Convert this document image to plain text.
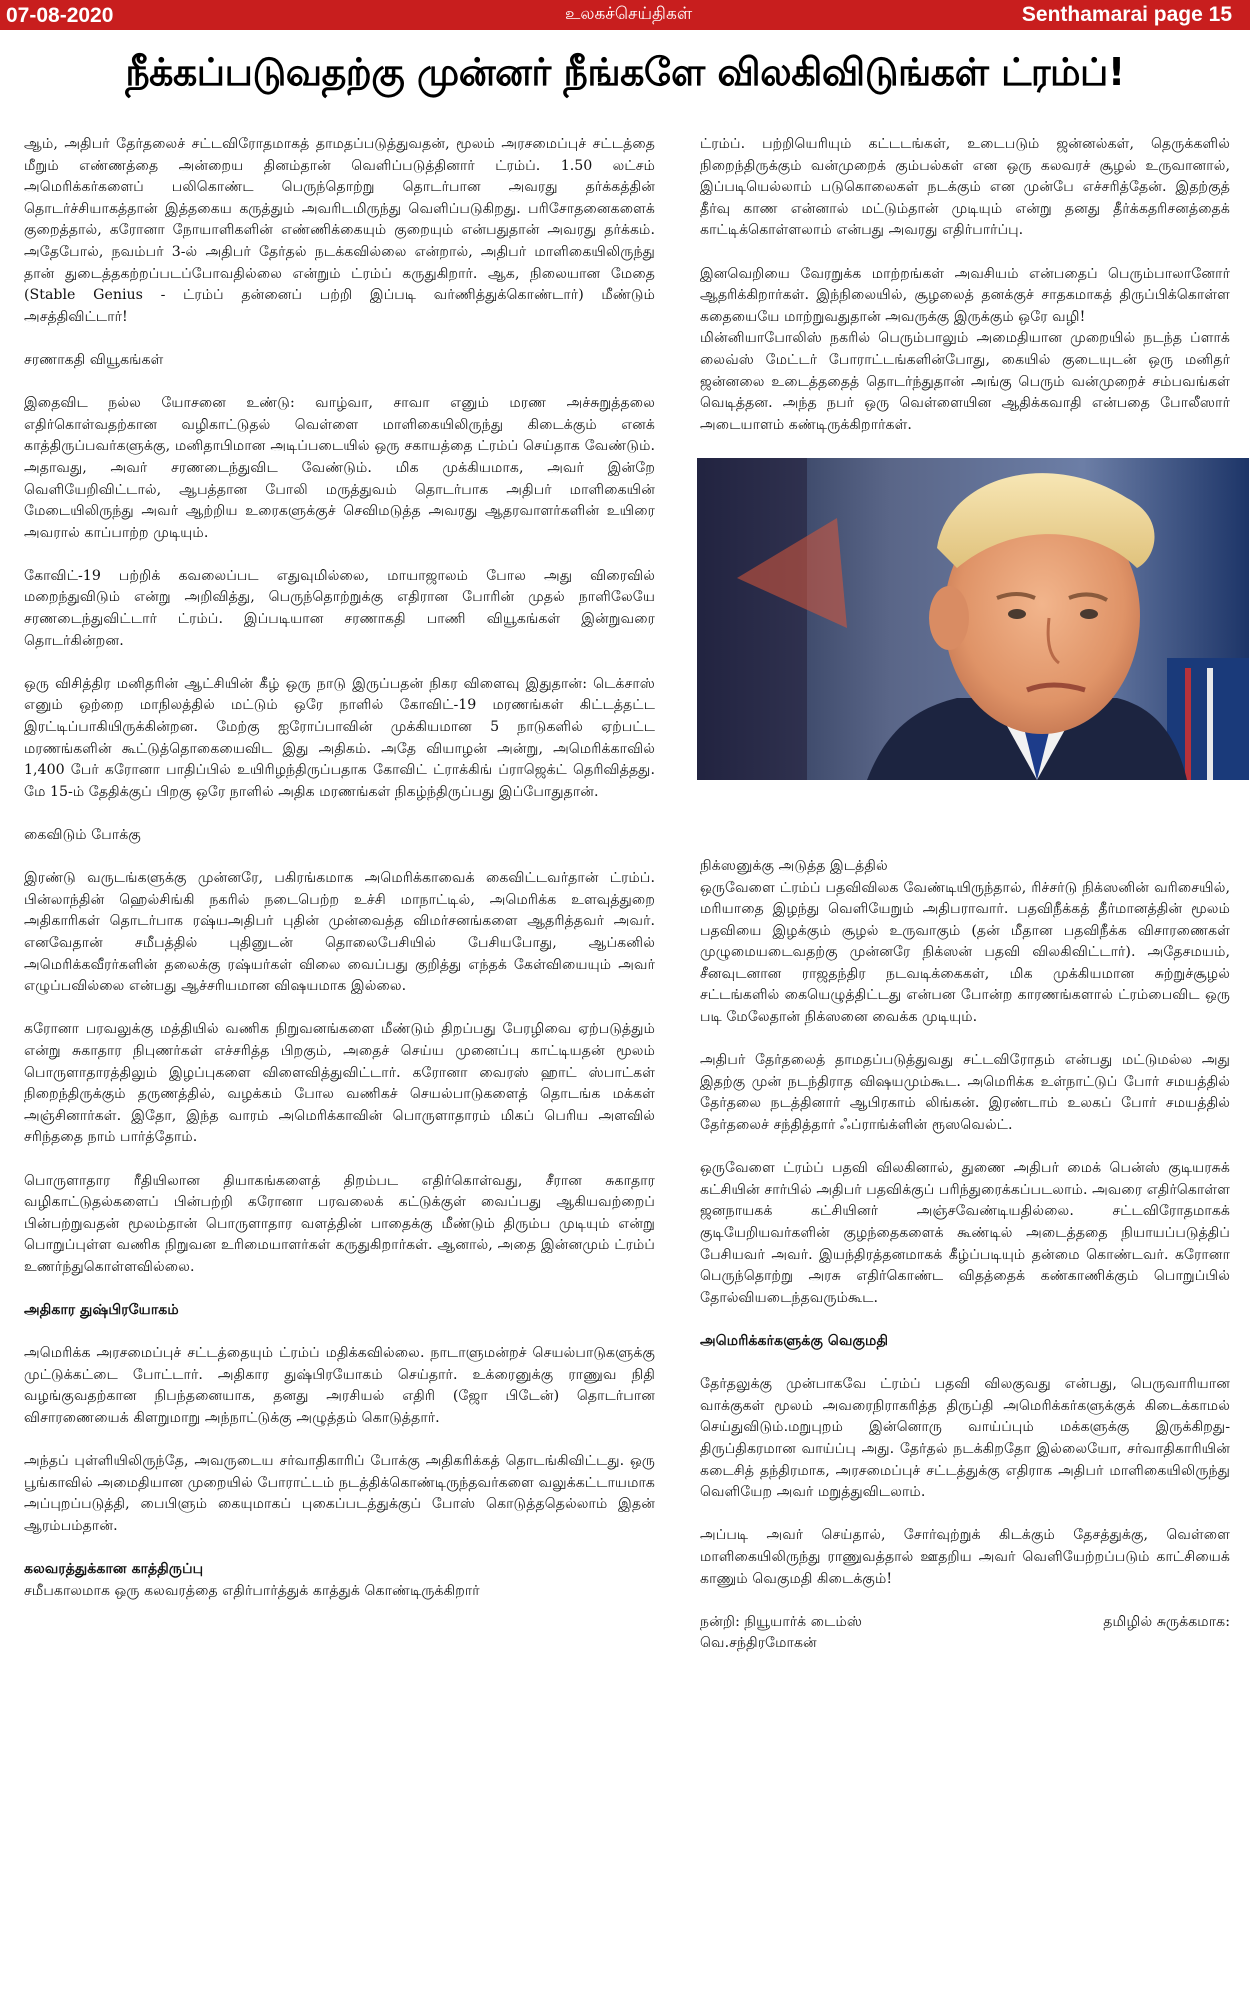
07-08-2020	உலகச்செய்திகள்	Senthamarai page 15
நீக்கப்படுவதற்கு முன்னர் நீங்களே விலகிவிடுங்கள் ட்ரம்ப்!

ஆம், அதிபர் தேர்தலைச் சட்டவிரோதமாகத் தாமதப்படுத்துவதன், மூலம் அரசமைப்புச் சட்டத்தை மீறும் எண்ணத்தை அன்றைய தினம்தான் வெளிப்படுத்தினார் ட்ரம்ப். 1.50 லட்சம் அமெரிக்கர்களைப் பலிகொண்ட பெருந்தொற்று தொடர்பான அவரது தர்க்கத்தின் தொடர்ச்சியாகத்தான் இத்தகைய கருத்தும் அவரிடமிருந்து வெளிப்படுகிறது. பரிசோதனைகளைக் குறைத்தால், கரோனா நோயாளிகளின் எண்ணிக்கையும் குறையும் என்பதுதான் அவரது தர்க்கம். அதேபோல், நவம்பர் 3-ல் அதிபர் தேர்தல் நடக்கவில்லை என்றால், அதிபர் மாளிகையிலிருந்து தான் துடைத்தகற்றப்படப்போவதில்லை என்றும் ட்ரம்ப் கருதுகிறார். ஆக, நிலையான மேதை (Stable Genius - ட்ரம்ப் தன்னைப் பற்றி இப்படி வர்ணித்துக்கொண்டார்) மீண்டும் அசத்திவிட்டார்!

சரணாகதி வியூகங்கள்

இதைவிட நல்ல யோசனை உண்டு: வாழ்வா, சாவா எனும் மரண அச்சுறுத்தலை எதிர்கொள்வதற்கான வழிகாட்டுதல் வெள்ளை மாளிகையிலிருந்து கிடைக்கும் எனக் காத்திருப்பவர்களுக்கு, மனிதாபிமான அடிப்படையில் ஒரு சகாயத்தை ட்ரம்ப் செய்தாக வேண்டும். அதாவது, அவர் சரணடைந்துவிட வேண்டும். மிக முக்கியமாக, அவர் இன்றே வெளியேறிவிட்டால், ஆபத்தான போலி மருத்துவம் தொடர்பாக அதிபர் மாளிகையின் மேடையிலிருந்து அவர் ஆற்றிய உரைகளுக்குச் செவிமடுத்த அவரது ஆதரவாளர்களின் உயிரை அவரால் காப்பாற்ற முடியும்.

கோவிட்-19 பற்றிக் கவலைப்பட எதுவுமில்லை, மாயாஜாலம் போல அது விரைவில் மறைந்துவிடும் என்று அறிவித்து, பெருந்தொற்றுக்கு எதிரான போரின் முதல் நாளிலேயே சரணடைந்துவிட்டார் ட்ரம்ப். இப்படியான சரணாகதி பாணி வியூகங்கள் இன்றுவரை தொடர்கின்றன.

ஒரு விசித்திர மனிதரின் ஆட்சியின் கீழ் ஒரு நாடு இருப்பதன் நிகர விளைவு இதுதான்: டெக்சாஸ் எனும் ஒற்றை மாநிலத்தில் மட்டும் ஒரே நாளில் கோவிட்-19 மரணங்கள் கிட்டத்தட்ட இரட்டிப்பாகியிருக்கின்றன. மேற்கு ஐரோப்பாவின் முக்கியமான 5 நாடுகளில் ஏற்பட்ட மரணங்களின் கூட்டுத்தொகையைவிட இது அதிகம். அதே வியாழன் அன்று, அமெரிக்காவில் 1,400 பேர் கரோனா பாதிப்பில் உயிரிழந்திருப்பதாக கோவிட் ட்ராக்கிங் ப்ராஜெக்ட் தெரிவித்தது. மே 15-ம் தேதிக்குப் பிறகு ஒரே நாளில் அதிக மரணங்கள் நிகழ்ந்திருப்பது இப்போதுதான்.

கைவிடும் போக்கு

இரண்டு வருடங்களுக்கு முன்னரே, பகிரங்கமாக அமெரிக்காவைக் கைவிட்டவர்தான் ட்ரம்ப். பின்லாந்தின் ஹெல்சிங்கி நகரில் நடைபெற்ற உச்சி மாநாட்டில், அமெரிக்க உளவுத்துறை அதிகாரிகள் தொடர்பாக ரஷ்யஅதிபர் புதின் முன்வைத்த விமர்சனங்களை ஆதரித்தவர் அவர். எனவேதான் சமீபத்தில் புதினுடன் தொலைபேசியில் பேசியபோது, ஆப்கனில் அமெரிக்கவீரர்களின் தலைக்கு ரஷ்யர்கள் விலை வைப்பது குறித்து எந்தக் கேள்வியையும் அவர் எழுப்பவில்லை என்பது ஆச்சரியமான விஷயமாக இல்லை.

கரோனா பரவலுக்கு மத்தியில் வணிக நிறுவனங்களை மீண்டும் திறப்பது பேரழிவை ஏற்படுத்தும் என்று சுகாதார நிபுணர்கள் எச்சரித்த பிறகும், அதைச் செய்ய முனைப்பு காட்டியதன் மூலம் பொருளாதாரத்திலும் இழப்புகளை விளைவித்துவிட்டார். கரோனா வைரஸ் ஹாட் ஸ்பாட்கள் நிறைந்திருக்கும் தருணத்தில், வழக்கம் போல வணிகச் செயல்பாடுகளைத் தொடங்க மக்கள் அஞ்சினார்கள். இதோ, இந்த வாரம் அமெரிக்காவின் பொருளாதாரம் மிகப் பெரிய அளவில் சரிந்ததை நாம் பார்த்தோம்.

பொருளாதார ரீதியிலான தியாகங்களைத் திறம்பட எதிர்கொள்வது, சீரான சுகாதார வழிகாட்டுதல்களைப் பின்பற்றி கரோனா பரவலைக் கட்டுக்குள் வைப்பது ஆகியவற்றைப் பின்பற்றுவதன் மூலம்தான் பொருளாதார வளத்தின் பாதைக்கு மீண்டும் திரும்ப முடியும் என்று பொறுப்புள்ள வணிக நிறுவன உரிமையாளர்கள் கருதுகிறார்கள். ஆனால், அதை இன்னமும் ட்ரம்ப் உணர்ந்துகொள்ளவில்லை.

அதிகார துஷ்பிரயோகம்

அமெரிக்க அரசமைப்புச் சட்டத்தையும் ட்ரம்ப் மதிக்கவில்லை. நாடாளுமன்றச் செயல்பாடுகளுக்கு முட்டுக்கட்டை போட்டார். அதிகார துஷ்பிரயோகம் செய்தார். உக்ரைனுக்கு ராணுவ நிதி வழங்குவதற்கான நிபந்தனையாக, தனது அரசியல் எதிரி (ஜோ பிடேன்) தொடர்பான விசாரணையைக் கிளறுமாறு அந்நாட்டுக்கு அழுத்தம் கொடுத்தார்.

அந்தப் புள்ளியிலிருந்தே, அவருடைய சர்வாதிகாரிப் போக்கு அதிகரிக்கத் தொடங்கிவிட்டது. ஒரு பூங்காவில் அமைதியான முறையில் போராட்டம் நடத்திக்கொண்டிருந்தவர்களை வலுக்கட்டாயமாக அப்புறப்படுத்தி, பைபிளும் கையுமாகப் புகைப்படத்துக்குப் போஸ் கொடுத்ததெல்லாம் இதன் ஆரம்பம்தான்.

கலவரத்துக்கான காத்திருப்பு

சமீபகாலமாக ஒரு கலவரத்தை எதிர்பார்த்துக் காத்துக் கொண்டிருக்கிறார்

ட்ரம்ப். பற்றியெரியும் கட்டடங்கள், உடைபடும் ஜன்னல்கள், தெருக்களில் நிறைந்திருக்கும் வன்முறைக் கும்பல்கள் என ஒரு கலவரச் சூழல் உருவானால், இப்படியெல்லாம் படுகொலைகள் நடக்கும் என முன்பே எச்சரித்தேன். இதற்குத் தீர்வு காண என்னால் மட்டும்தான் முடியும் என்று தனது தீர்க்கதரிசனத்தைக் காட்டிக்கொள்ளலாம் என்பது அவரது எதிர்பார்ப்பு.

இனவெறியை வேரறுக்க மாற்றங்கள் அவசியம் என்பதைப் பெரும்பாலானோர் ஆதரிக்கிறார்கள். இந்நிலையில், சூழலைத் தனக்குச் சாதகமாகத் திருப்பிக்கொள்ள கதையையே மாற்றுவதுதான் அவருக்கு இருக்கும் ஒரே வழி!

மின்னியாபோலிஸ் நகரில் பெரும்பாலும் அமைதியான முறையில் நடந்த ப்ளாக் லைவ்ஸ் மேட்டர் போராட்டங்களின்போது, கையில் குடையுடன் ஒரு மனிதர் ஜன்னலை உடைத்ததைத் தொடர்ந்துதான் அங்கு பெரும் வன்முறைச் சம்பவங்கள் வெடித்தன. அந்த நபர் ஒரு வெள்ளையின ஆதிக்கவாதி என்பதை போலீஸார் அடையாளம் கண்டிருக்கிறார்கள்.

நிக்ஸனுக்கு அடுத்த இடத்தில்

ஒருவேளை ட்ரம்ப் பதவிவிலக வேண்டியிருந்தால், ரிச்சர்டு நிக்ஸனின் வரிசையில், மரியாதை இழந்து வெளியேறும் அதிபராவார். பதவிநீக்கத் தீர்மானத்தின் மூலம் பதவியை இழக்கும் சூழல் உருவாகும் (தன் மீதான பதவிநீக்க விசாரணைகள் முழுமையடைவதற்கு முன்னரே நிக்ஸன் பதவி விலகிவிட்டார்). அதேசமயம், சீனவுடனான ராஜதந்திர நடவடிக்கைகள், மிக முக்கியமான சுற்றுச்சூழல் சட்டங்களில் கையெழுத்திட்டது என்பன போன்ற காரணங்களால் ட்ரம்பைவிட ஒரு படி மேலேதான் நிக்ஸனை வைக்க முடியும்.

அதிபர் தேர்தலைத் தாமதப்படுத்துவது சட்டவிரோதம் என்பது மட்டுமல்ல அது இதற்கு முன் நடந்திராத விஷயமும்கூட. அமெரிக்க உள்நாட்டுப் போர் சமயத்தில் தேர்தலை நடத்தினார் ஆபிரகாம் லிங்கன். இரண்டாம் உலகப் போர் சமயத்தில் தேர்தலைச் சந்தித்தார் ஃப்ராங்க்ளின் ரூஸவெல்ட்.

ஒருவேளை ட்ரம்ப் பதவி விலகினால், துணை அதிபர் மைக் பென்ஸ் குடியரசுக் கட்சியின் சார்பில் அதிபர் பதவிக்குப் பரிந்துரைக்கப்படலாம். அவரை எதிர்கொள்ள ஜனநாயகக் கட்சியினர் அஞ்சவேண்டியதில்லை. சட்டவிரோதமாகக் குடியேறியவர்களின் குழந்தைகளைக் கூண்டில் அடைத்ததை நியாயப்படுத்திப் பேசியவர் அவர். இயந்திரத்தனமாகக் கீழ்ப்படியும் தன்மை கொண்டவர். கரோனா பெருந்தொற்று அரசு எதிர்கொண்ட விதத்தைக் கண்காணிக்கும் பொறுப்பில் தோல்வியடைந்தவரும்கூட.

அமெரிக்கர்களுக்கு வெகுமதி

தேர்தலுக்கு முன்பாகவே ட்ரம்ப் பதவி விலகுவது என்பது, பெருவாரியான வாக்குகள் மூலம் அவரைநிராகரித்த திருப்தி அமெரிக்கர்களுக்குக் கிடைக்காமல் செய்துவிடும்.மறுபுறம் இன்னொரு வாய்ப்பும் மக்களுக்கு இருக்கிறது- திருப்திகரமான வாய்ப்பு அது. தேர்தல் நடக்கிறதோ இல்லையோ, சர்வாதிகாரியின் கடைசித் தந்திரமாக, அரசமைப்புச் சட்டத்துக்கு எதிராக அதிபர் மாளிகையிலிருந்து வெளியேற அவர் மறுத்துவிடலாம்.

அப்படி அவர் செய்தால், சோர்வுற்றுக் கிடக்கும் தேசத்துக்கு, வெள்ளை மாளிகையிலிருந்து ராணுவத்தால் ஊதறிய அவர் வெளியேற்றப்படும் காட்சியைக் காணும் வெகுமதி கிடைக்கும்!

நன்றி: நியூயார்க் டைம்ஸ்	தமிழில் சுருக்கமாக:

வெ.சந்திரமோகன்
